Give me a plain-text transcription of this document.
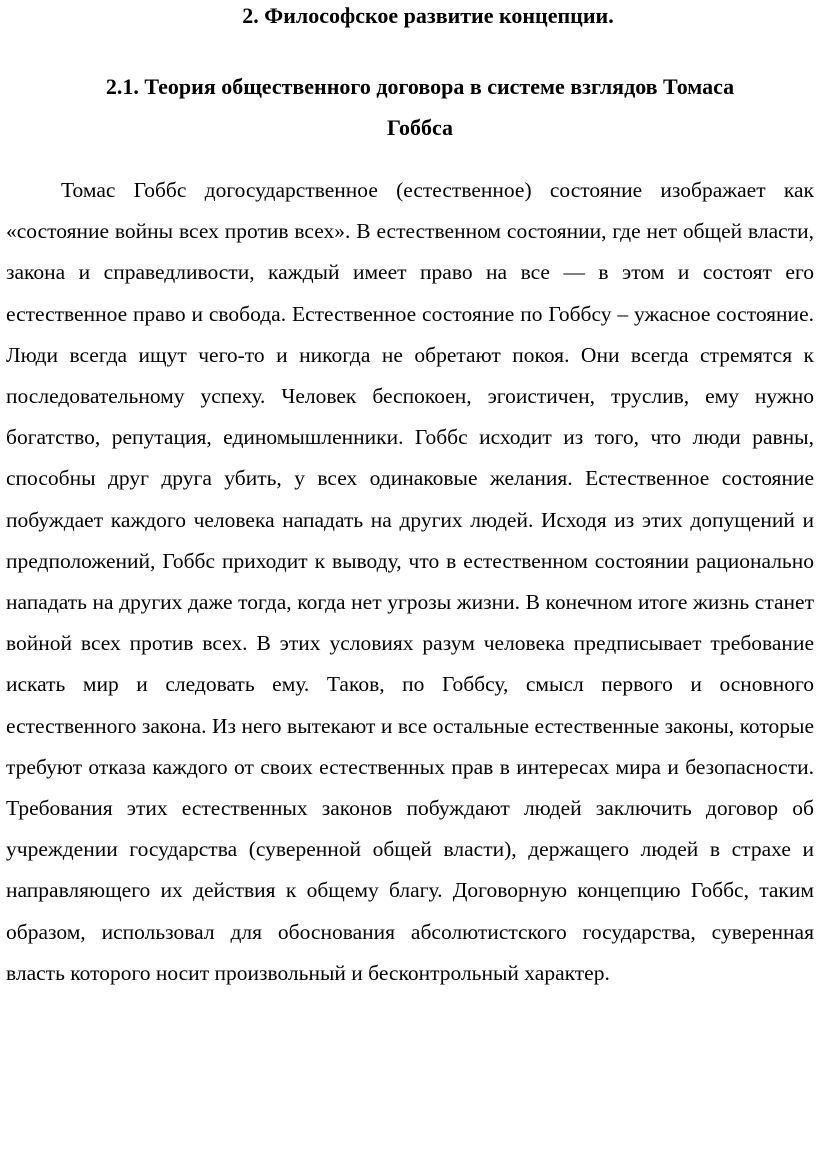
2. Философское развитие концепции.
2.1. Теория общественного договора в системе взглядов Томаса Гоббса

Томас Гоббс догосударственное (естественное) состояние изображает как «состояние войны всех против всех». В естественном состоянии, где нет общей власти, закона и справедливости, каждый имеет право на все — в этом и состоят его естественное право и свобода. Естественное состояние по Гоббсу – ужасное состояние. Люди всегда ищут чего-то и никогда не обретают покоя. Они всегда стремятся к последовательному успеху. Человек беспокоен, эгоистичен, труслив, ему нужно богатство, репутация, единомышленники. Гоббс исходит из того, что люди равны, способны друг друга убить, у всех одинаковые желания. Естественное состояние побуждает каждого человека нападать на других людей. Исходя из этих допущений и предположений, Гоббс приходит к выводу, что в естественном состоянии рационально нападать на других даже тогда, когда нет угрозы жизни. В конечном итоге жизнь станет войной всех против всех. В этих условиях разум человека предписывает требование искать мир и следовать ему. Таков, по Гоббсу, смысл первого и основного естественного закона. Из него вытекают и все остальные естественные законы, которые требуют отказа каждого от своих естественных прав в интересах мира и безопасности. Требования этих естественных законов побуждают людей заключить договор об учреждении государства (суверенной общей власти), держащего людей в страхе и направляющего их действия к общему благу. Договорную концепцию Гоббс, таким образом, использовал для обоснования абсолютистского государства, суверенная власть которого носит произвольный и бесконтрольный характер.
